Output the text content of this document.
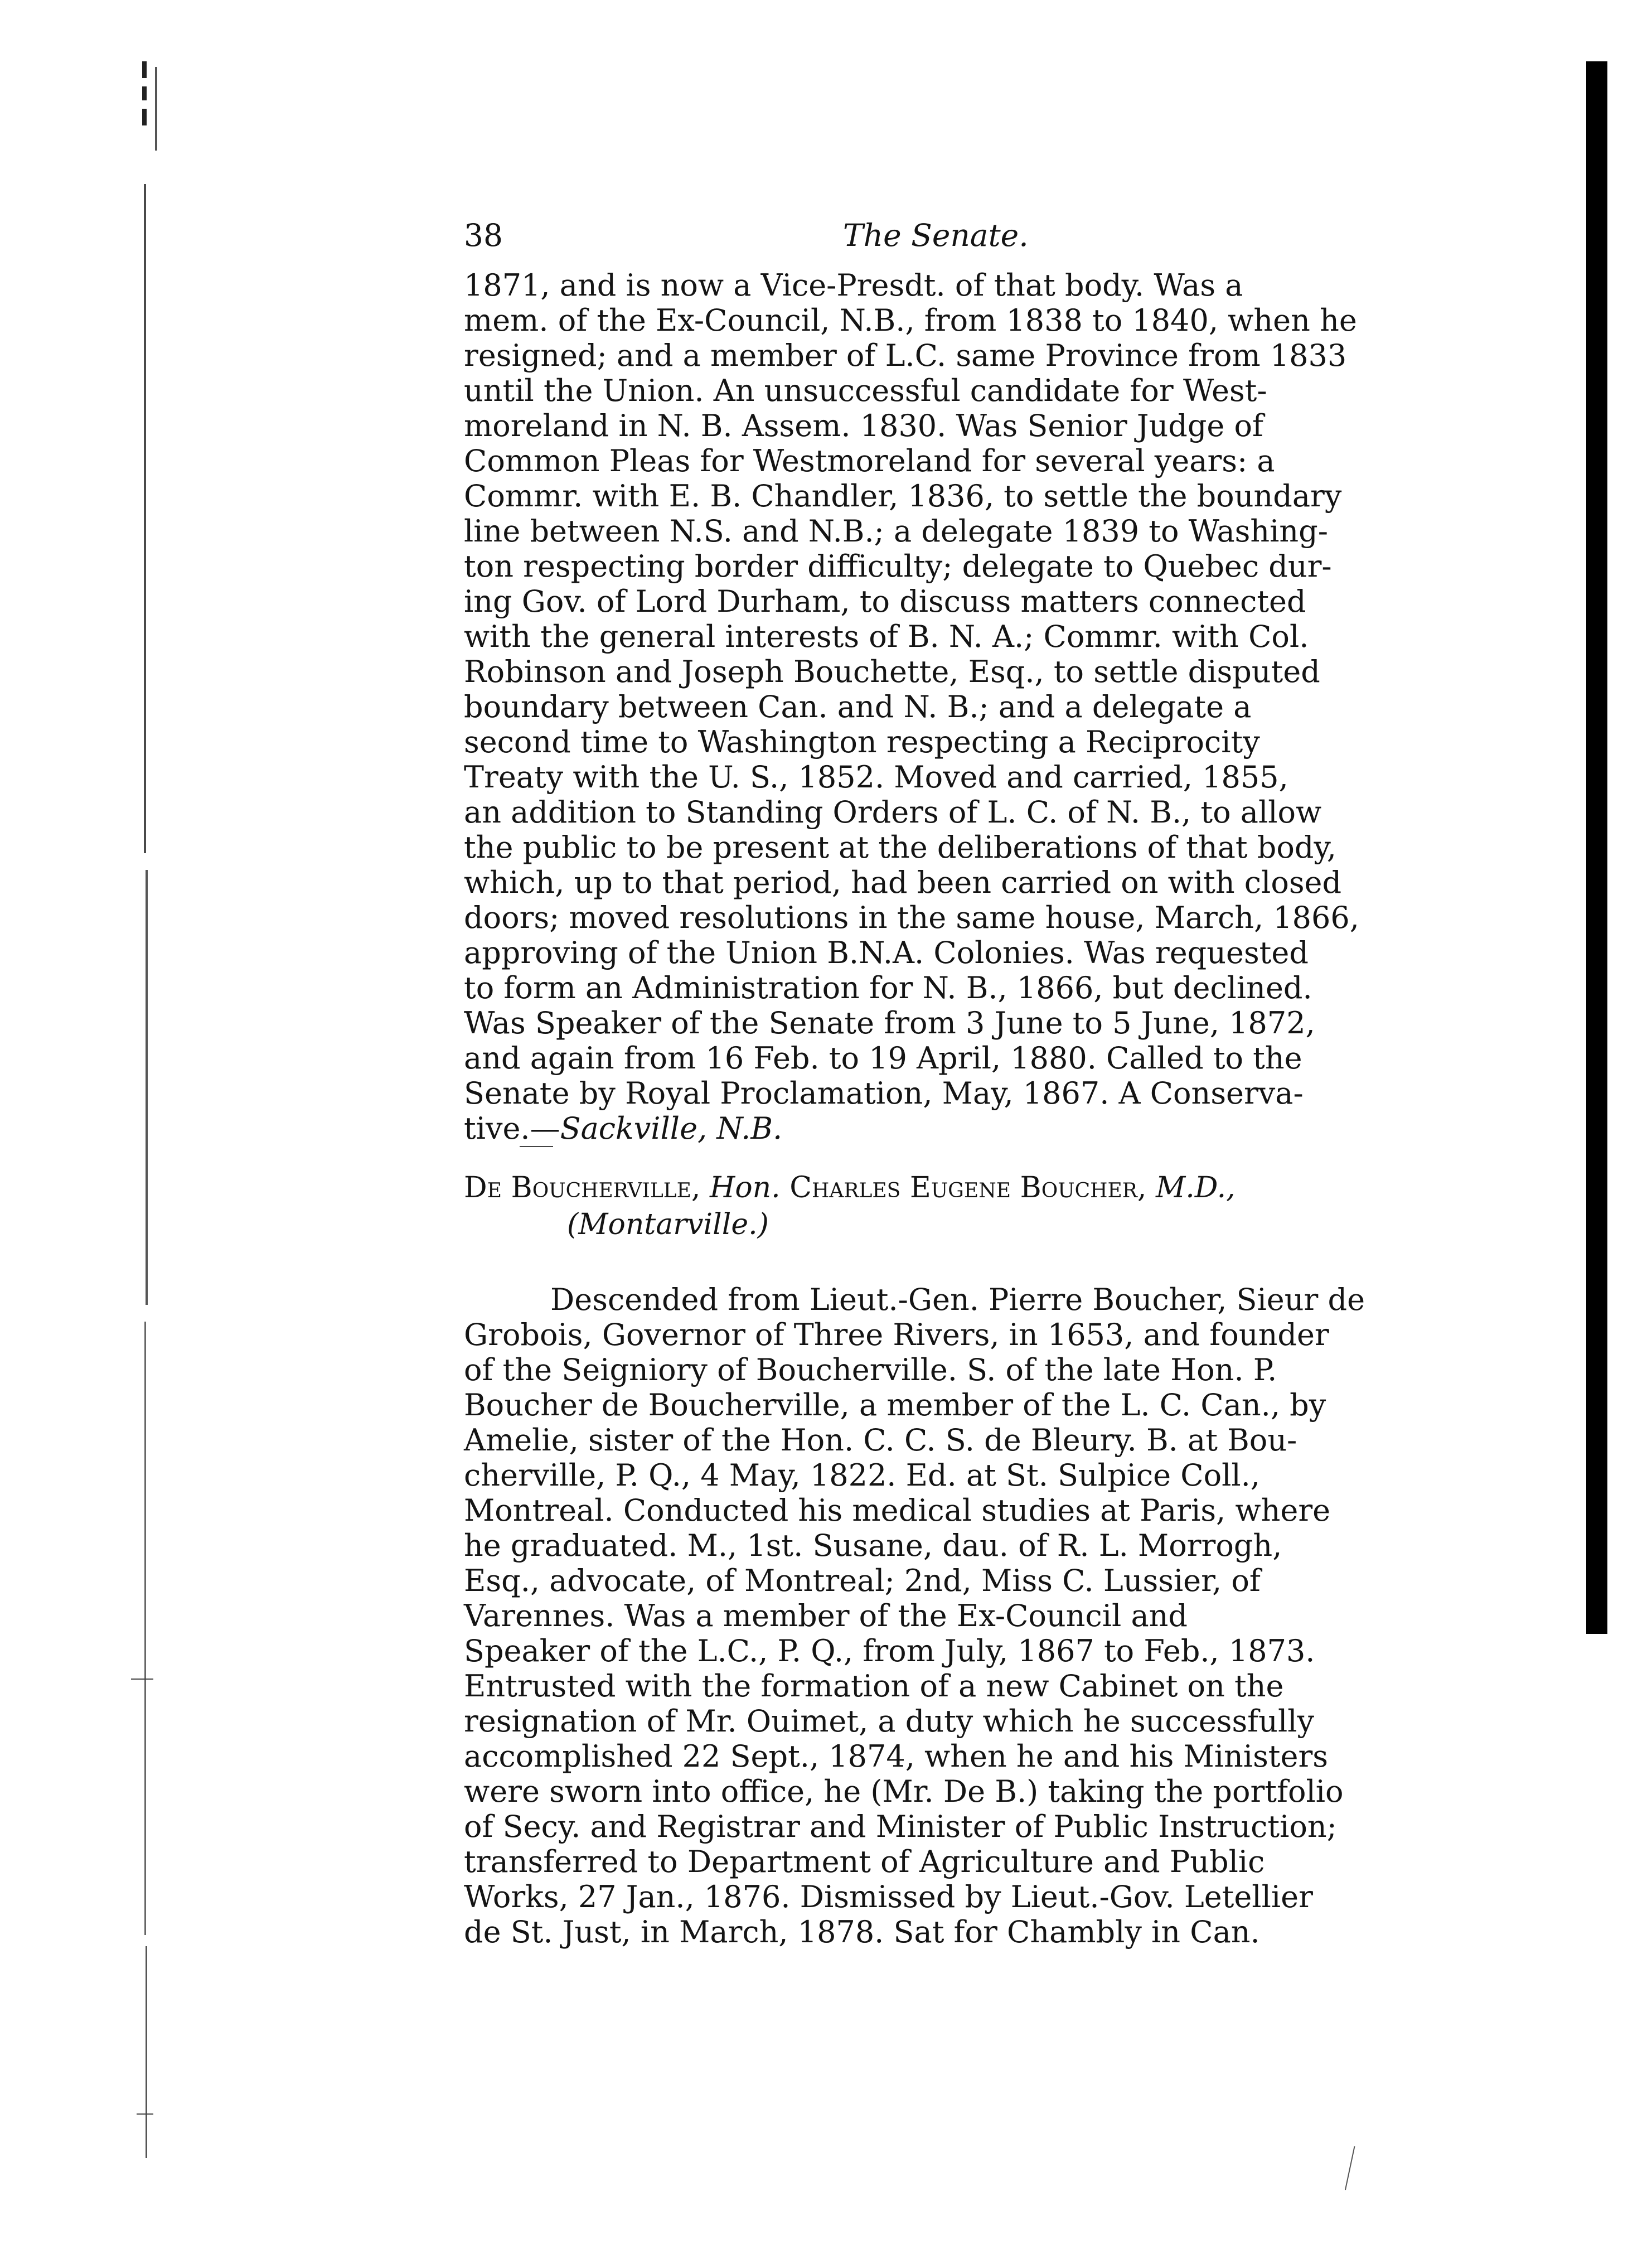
38	The Senate.
1871, and is now a Vice-Presdt. of that body. Was a
mem. of the Ex-Council, N.B., from 1838 to 1840, when he
resigned; and a member of L.C. same Province from 1833
until the Union. An unsuccessful candidate for West-
moreland in N. B. Assem. 1830. Was Senior Judge of
Common Pleas for Westmoreland for several years: a
Commr. with E. B. Chandler, 1836, to settle the boundary
line between N.S. and N.B.; a delegate 1839 to Washing-
ton respecting border difficulty; delegate to Quebec dur-
ing Gov. of Lord Durham, to discuss matters connected
with the general interests of B. N. A.; Commr. with Col.
Robinson and Joseph Bouchette, Esq., to settle disputed
boundary between Can. and N. B.; and a delegate a
second time to Washington respecting a Reciprocity
Treaty with the U. S., 1852. Moved and carried, 1855,
an addition to Standing Orders of L. C. of N. B., to allow
the public to be present at the deliberations of that body,
which, up to that period, had been carried on with closed
doors; moved resolutions in the same house, March, 1866,
approving of the Union B.N.A. Colonies. Was requested
to form an Administration for N. B., 1866, but declined.
Was Speaker of the Senate from 3 June to 5 June, 1872,
and again from 16 Feb. to 19 April, 1880. Called to the
Senate by Royal Proclamation, May, 1867. A Conserva-
tive.—Sackville, N.B.
De Boucherville, Hon. Charles Eugene Boucher, M.D.,
(Montarville.)
Descended from Lieut.-Gen. Pierre Boucher, Sieur de
Grobois, Governor of Three Rivers, in 1653, and founder
of the Seigniory of Boucherville. S. of the late Hon. P.
Boucher de Boucherville, a member of the L. C. Can., by
Amelie, sister of the Hon. C. C. S. de Bleury. B. at Bou-
cherville, P. Q., 4 May, 1822. Ed. at St. Sulpice Coll.,
Montreal. Conducted his medical studies at Paris, where
he graduated. M., 1st. Susane, dau. of R. L. Morrogh,
Esq., advocate, of Montreal; 2nd, Miss C. Lussier, of
Varennes. Was a member of the Ex-Council and
Speaker of the L.C., P. Q., from July, 1867 to Feb., 1873.
Entrusted with the formation of a new Cabinet on the
resignation of Mr. Ouimet, a duty which he successfully
accomplished 22 Sept., 1874, when he and his Ministers
were sworn into office, he (Mr. De B.) taking the portfolio
of Secy. and Registrar and Minister of Public Instruction;
transferred to Department of Agriculture and Public
Works, 27 Jan., 1876. Dismissed by Lieut.-Gov. Letellier
de St. Just, in March, 1878. Sat for Chambly in Can.
